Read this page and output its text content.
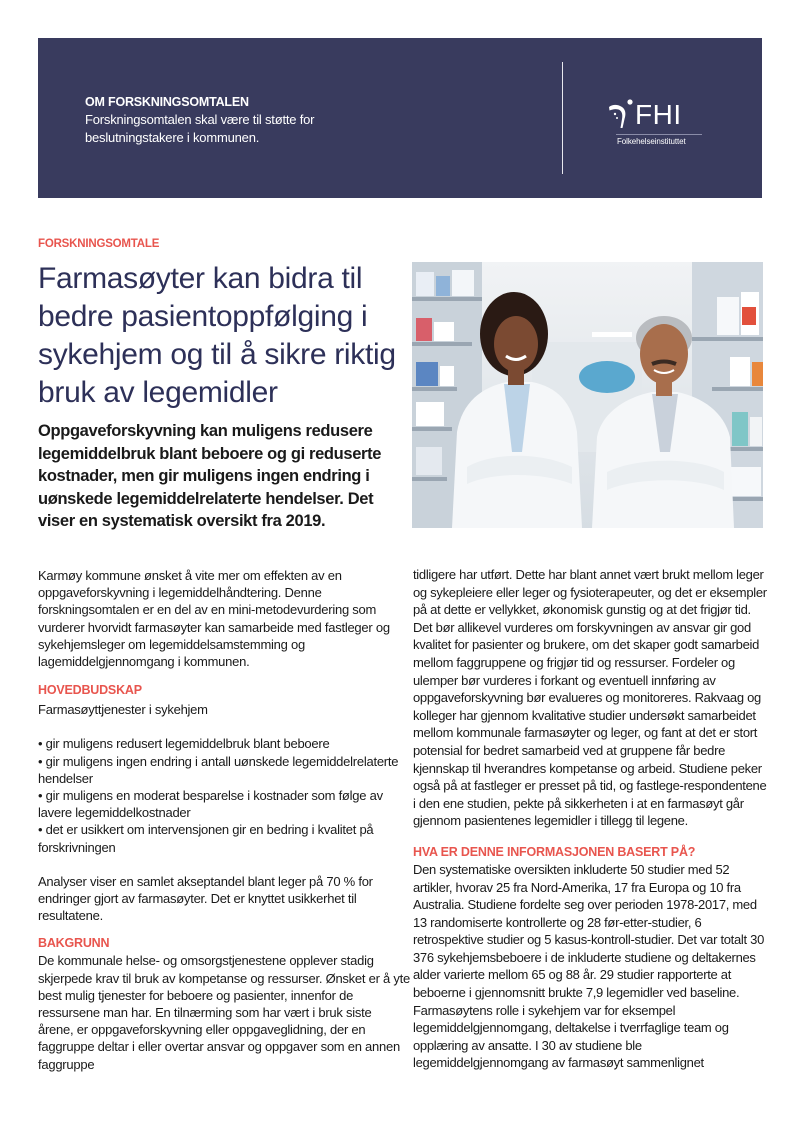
OM FORSKNINGSOMTALEN
Forskningsomtalen skal være til støtte for
beslutningstakere i kommunen.
FHI
Folkehelseinstituttet
FORSKNINGSOMTALE
Farmasøyter kan bidra til bedre pasientoppfølging i sykehjem og til å sikre riktig bruk av legemidler

Oppgaveforskyvning kan muligens redusere legemiddelbruk blant beboere og gi reduserte kostnader, men gir muligens ingen endring i uønskede legemiddelrelaterte hendelser. Det viser en systematisk oversikt fra 2019.

Karmøy kommune ønsket å vite mer om effekten av en oppgaveforskyvning i legemiddelhåndtering. Denne forskningsomtalen er en del av en mini-metodevurdering som vurderer hvorvidt farmasøyter kan samarbeide med fastleger og sykehjemsleger om legemiddelsamstemming og lagemiddelgjennomgang i kommunen.

HOVEDBUDSKAP

Farmasøyttjenester i sykehjem

• gir muligens redusert legemiddelbruk blant beboere
• gir muligens ingen endring i antall uønskede legemiddelrelaterte hendelser
• gir muligens en moderat besparelse i kostnader som følge av lavere legemiddelkostnader
• det er usikkert om intervensjonen gir en bedring i kvalitet på forskrivningen

Analyser viser en samlet akseptandel blant leger på 70 % for endringer gjort av farmasøyter. Det er knyttet usikkerhet til resultatene.

BAKGRUNN

De kommunale helse- og omsorgstjenestene opplever stadig skjerpede krav til bruk av kompetanse og ressurser. Ønsket er å yte best mulig tjenester for beboere og pasienter, innenfor de ressursene man har. En tilnærming som har vært i bruk siste årene, er oppgaveforskyvning eller oppgaveglidning, der en faggruppe deltar i eller overtar ansvar og oppgaver som en annen faggruppe

tidligere har utført. Dette har blant annet vært brukt mellom leger og sykepleiere eller leger og fysioterapeuter, og det er eksempler på at dette er vellykket, økonomisk gunstig og at det frigjør tid. Det bør allikevel vurderes om forskyvningen av ansvar gir god kvalitet for pasienter og brukere, om det skaper godt samarbeid mellom faggruppene og frigjør tid og ressurser. Fordeler og ulemper bør vurderes i forkant og eventuell innføring av oppgaveforskyvning bør evalueres og monitoreres. Rakvaag og kolleger har gjennom kvalitative studier undersøkt samarbeidet mellom kommunale farmasøyter og leger, og fant at det er stort potensial for bedret samarbeid ved at gruppene får bedre kjennskap til hverandres kompetanse og arbeid. Studiene peker også på at fastleger er presset på tid, og fastlege-respondentene i den ene studien, pekte på sikkerheten i at en farmasøyt går gjennom pasientenes legemidler i tillegg til legene.

HVA ER DENNE INFORMASJONEN BASERT PÅ?

Den systematiske oversikten inkluderte 50 studier med 52 artikler, hvorav 25 fra Nord-Amerika, 17 fra Europa og 10 fra Australia. Studiene fordelte seg over perioden 1978-2017, med 13 randomiserte kontrollerte og 28 før-etter-studier, 6 retrospektive studier og 5 kasus-kontroll-studier. Det var totalt 30 376 sykehjemsbeboere i de inkluderte studiene og deltakernes alder varierte mellom 65 og 88 år. 29 studier rapporterte at beboerne i gjennomsnitt brukte 7,9 legemidler ved baseline. Farmasøytens rolle i sykehjem var for eksempel legemiddelgjennomgang, deltakelse i tverrfaglige team og opplæring av ansatte. I 30 av studiene ble legemiddelgjennomgang av farmasøyt sammenlignet
